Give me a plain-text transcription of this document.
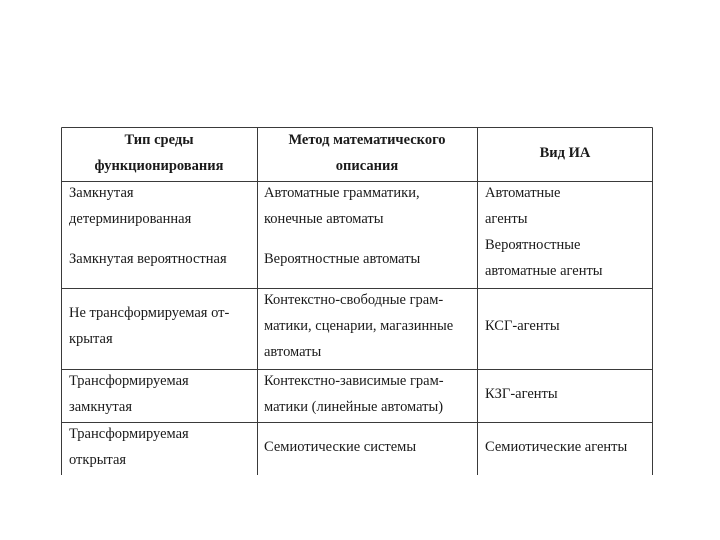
Тип среды
функционирования
Метод математического
описания
Вид ИА
Замкнутая
детерминированная
Автоматные грамматики,
конечные автоматы
Автоматные
агенты
Замкнутая вероятностная	Вероятностные автоматы
Вероятностные
автоматные агенты
Не трансформируемая от-
крытая
Контекстно-свободные грам-
матики, сценарии, магазинные
автоматы
КСГ-агенты
Трансформируемая
замкнутая
Контекстно-зависимые грам-
матики (линейные автоматы)
КЗГ-агенты
Трансформируемая
открытая
Семиотические системы	Семиотические агенты
